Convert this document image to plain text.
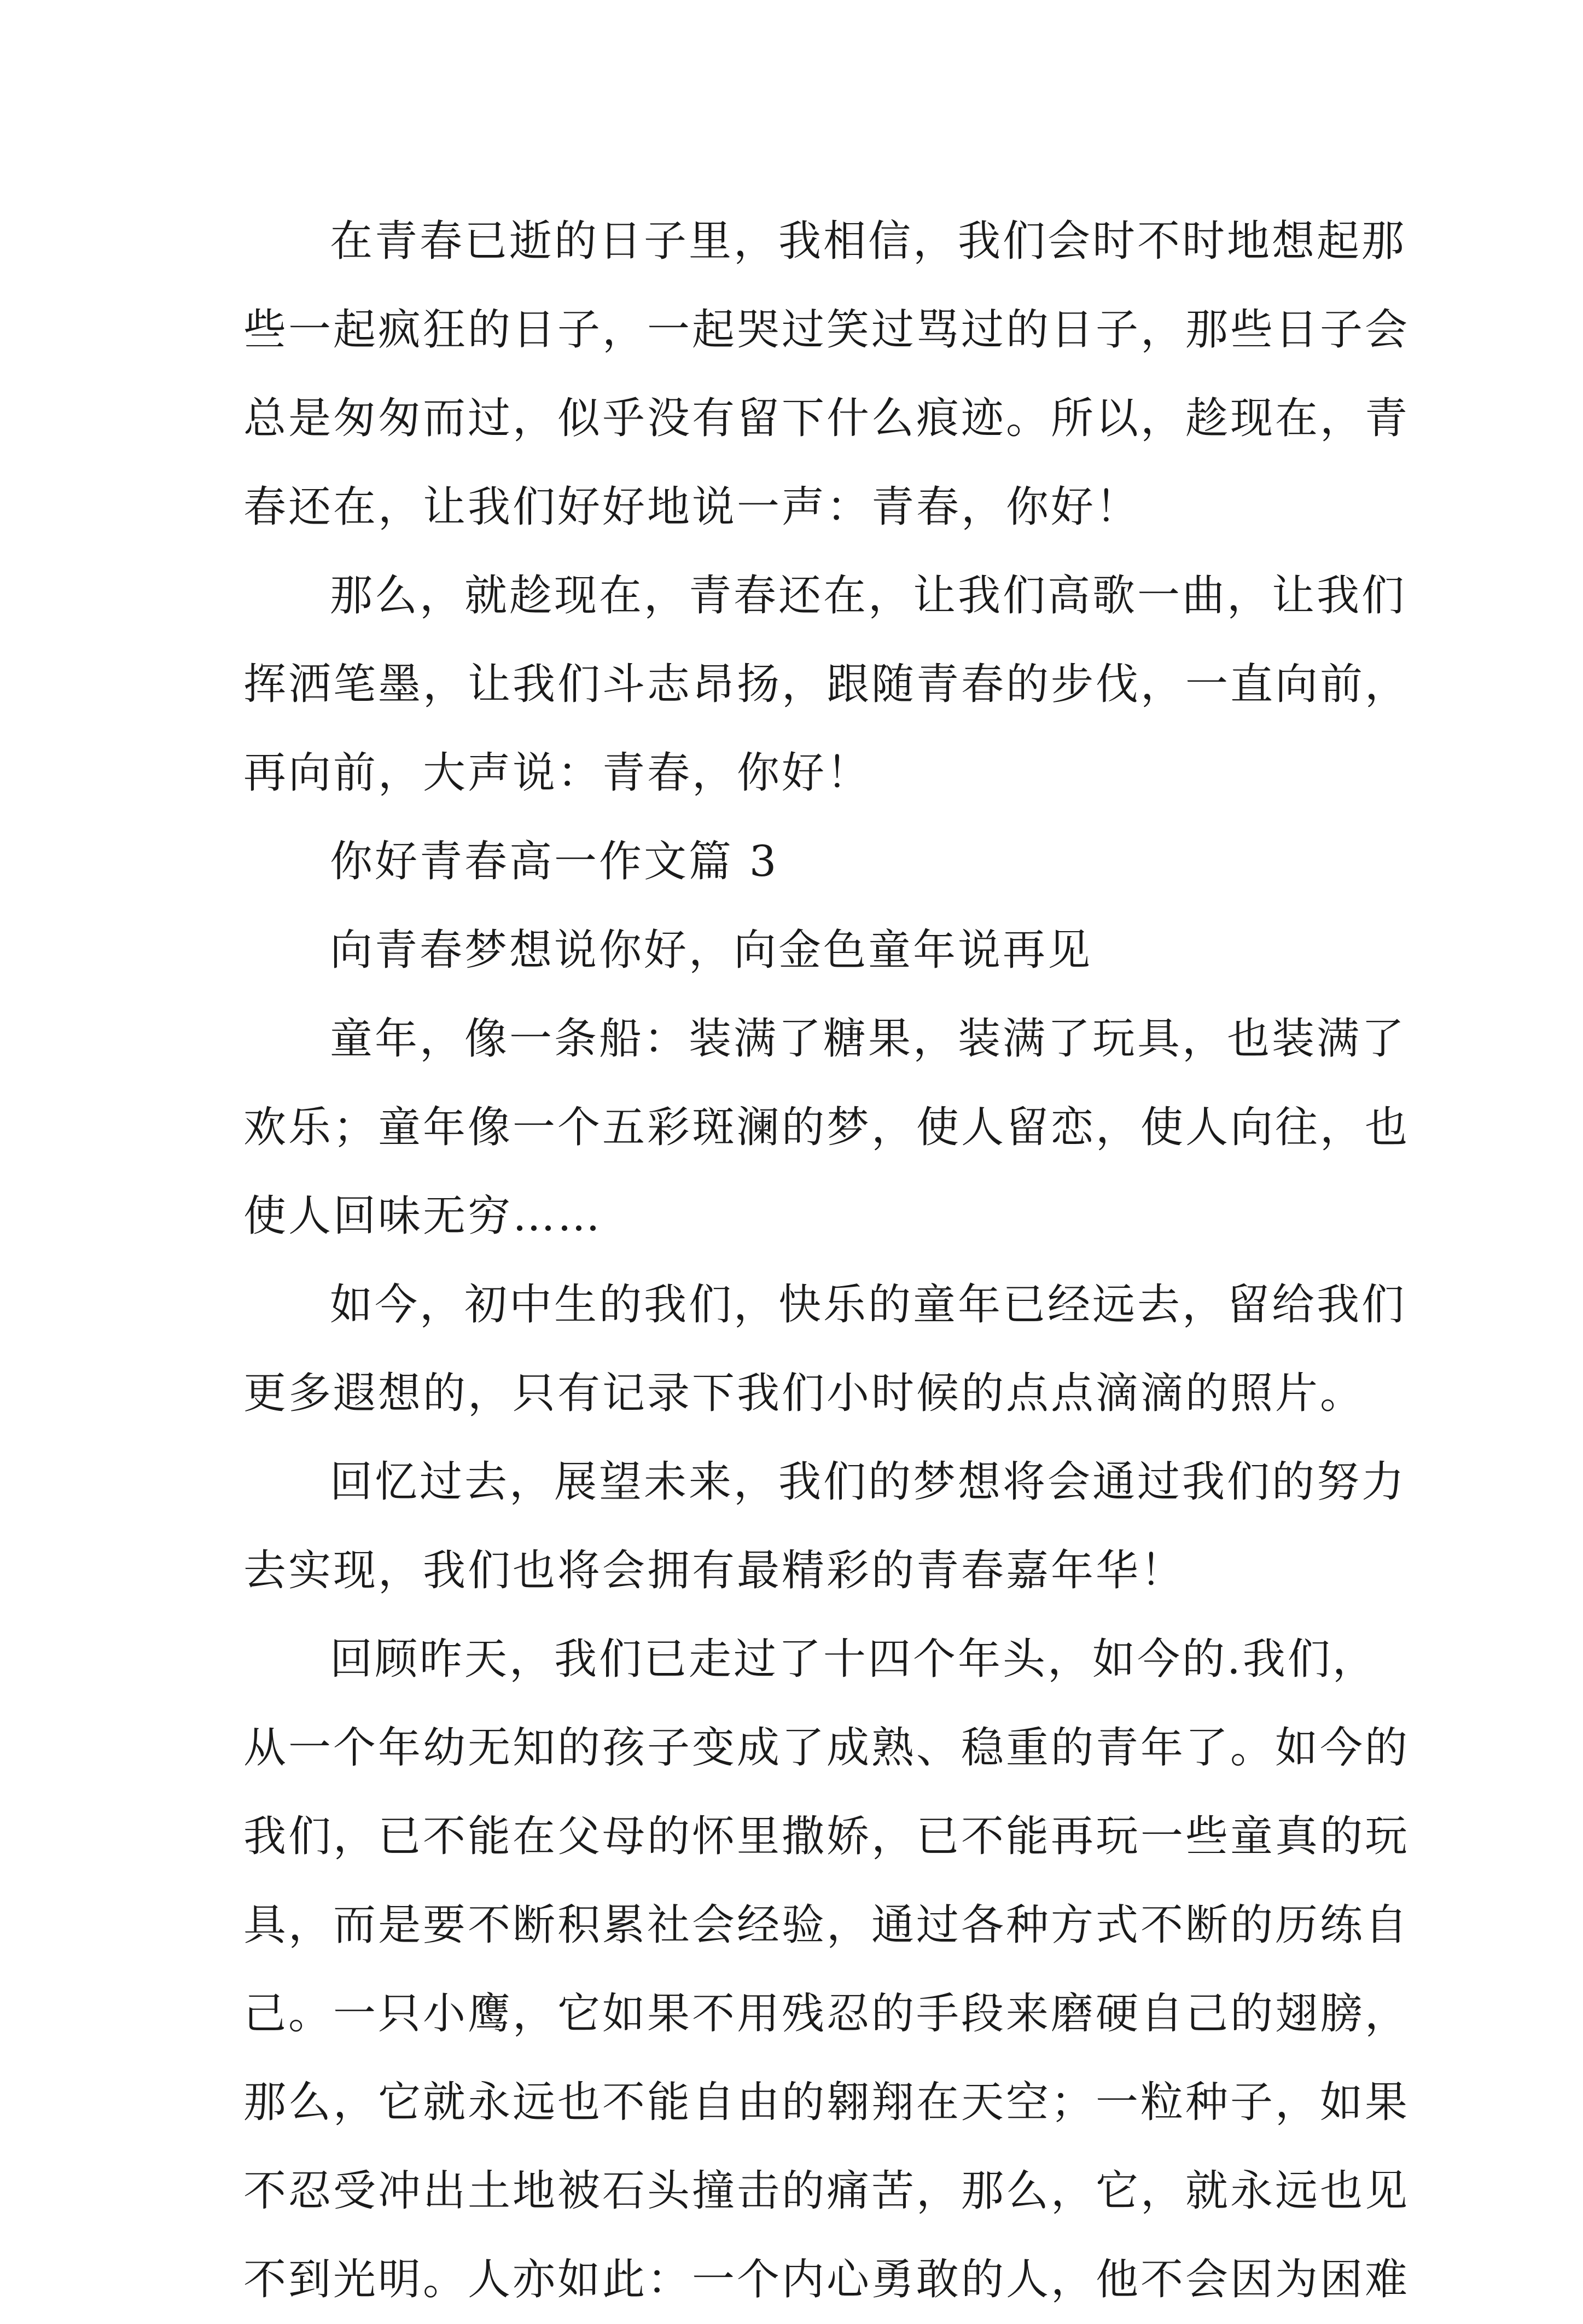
在青春已逝的日子里，我相信，我们会时不时地想起那
些一起疯狂的日子，一起哭过笑过骂过的日子，那些日子会
总是匆匆而过，似乎没有留下什么痕迹。所以，趁现在，青
春还在，让我们好好地说一声：青春，你好！
那么，就趁现在，青春还在，让我们高歌一曲，让我们
挥洒笔墨，让我们斗志昂扬，跟随青春的步伐，一直向前，
再向前，大声说：青春，你好！
你好青春高一作文篇 3
向青春梦想说你好，向金色童年说再见
童年，像一条船：装满了糖果，装满了玩具，也装满了
欢乐；童年像一个五彩斑澜的梦，使人留恋，使人向往，也
使人回味无穷……
如今，初中生的我们，快乐的童年已经远去，留给我们
更多遐想的，只有记录下我们小时候的点点滴滴的照片。
回忆过去，展望未来，我们的梦想将会通过我们的努力
去实现，我们也将会拥有最精彩的青春嘉年华！
回顾昨天，我们已走过了十四个年头，如今的.我们，
从一个年幼无知的孩子变成了成熟、稳重的青年了。如今的
我们，已不能在父母的怀里撒娇，已不能再玩一些童真的玩
具，而是要不断积累社会经验，通过各种方式不断的历练自
己。一只小鹰，它如果不用残忍的手段来磨硬自己的翅膀，
那么，它就永远也不能自由的翱翔在天空；一粒种子，如果
不忍受冲出土地被石头撞击的痛苦，那么，它，就永远也见
不到光明。人亦如此：一个内心勇敢的人，他不会因为困难
